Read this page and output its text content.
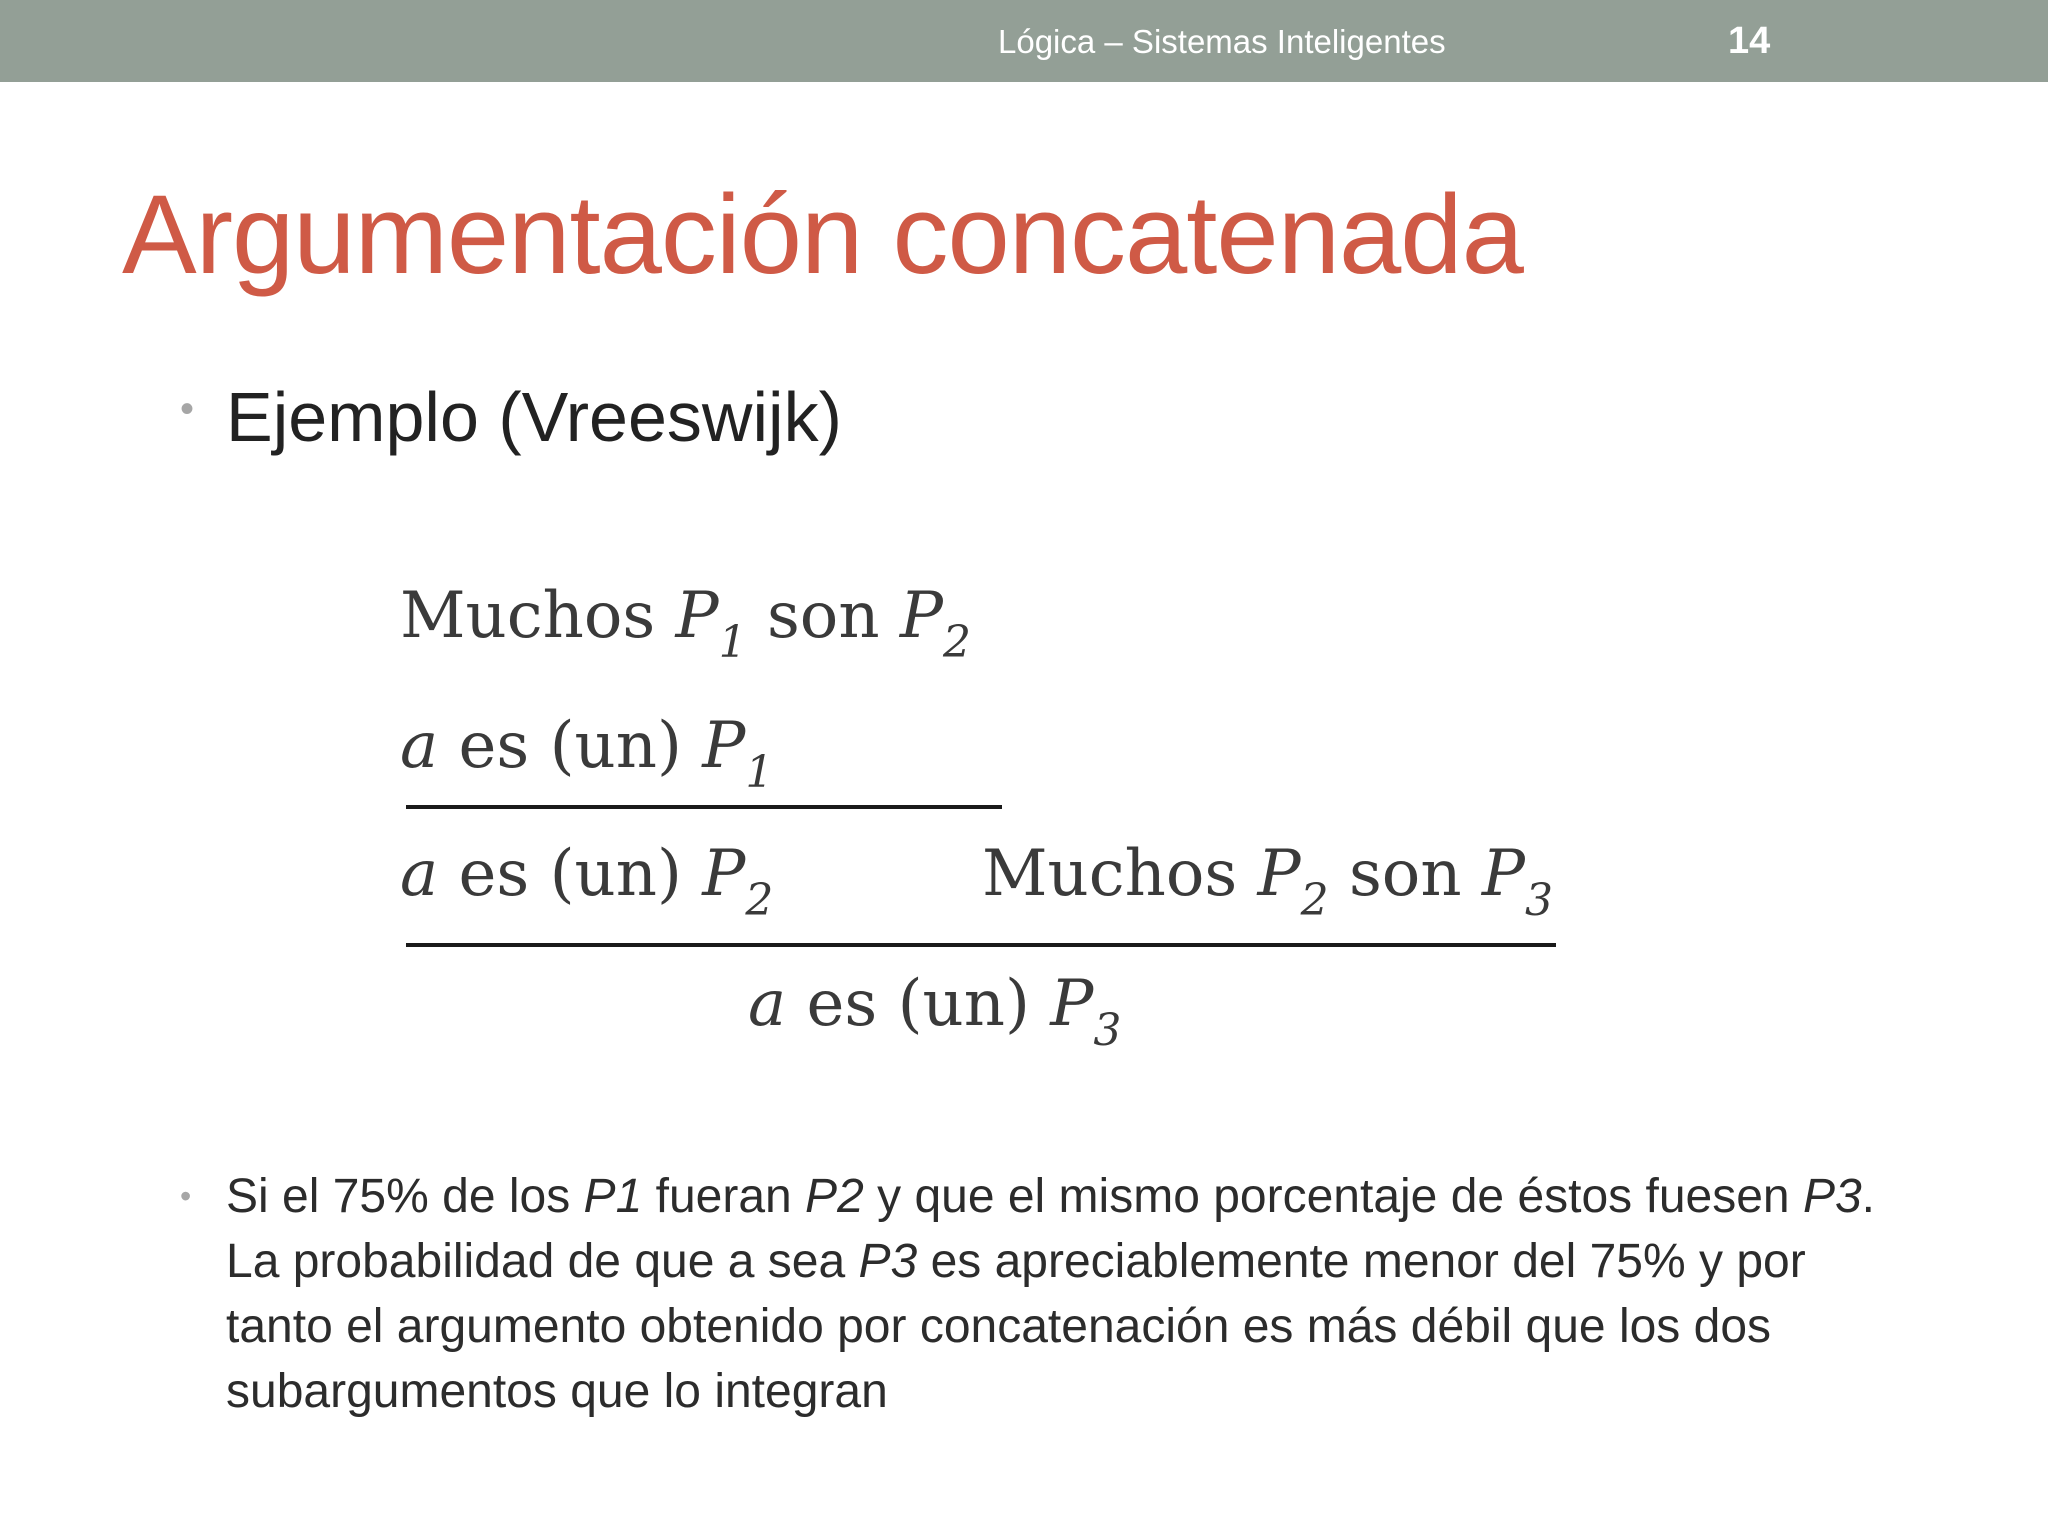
Lógica – Sistemas Inteligentes	14
Argumentación concatenada
• Ejemplo (Vreeswijk)
Muchos $P_1$ son $P_2$
a es (un) $P_1$
a es (un) $P_2$	Muchos $P_2$ son $P_3$
a es (un) $P_3$
• Si el 75% de los P1 fueran P2 y que el mismo porcentaje de éstos fuesen P3. La probabilidad de que a sea P3 es apreciablemente menor del 75% y por tanto el argumento obtenido por concatenación es más débil que los dos subargumentos que lo integran
